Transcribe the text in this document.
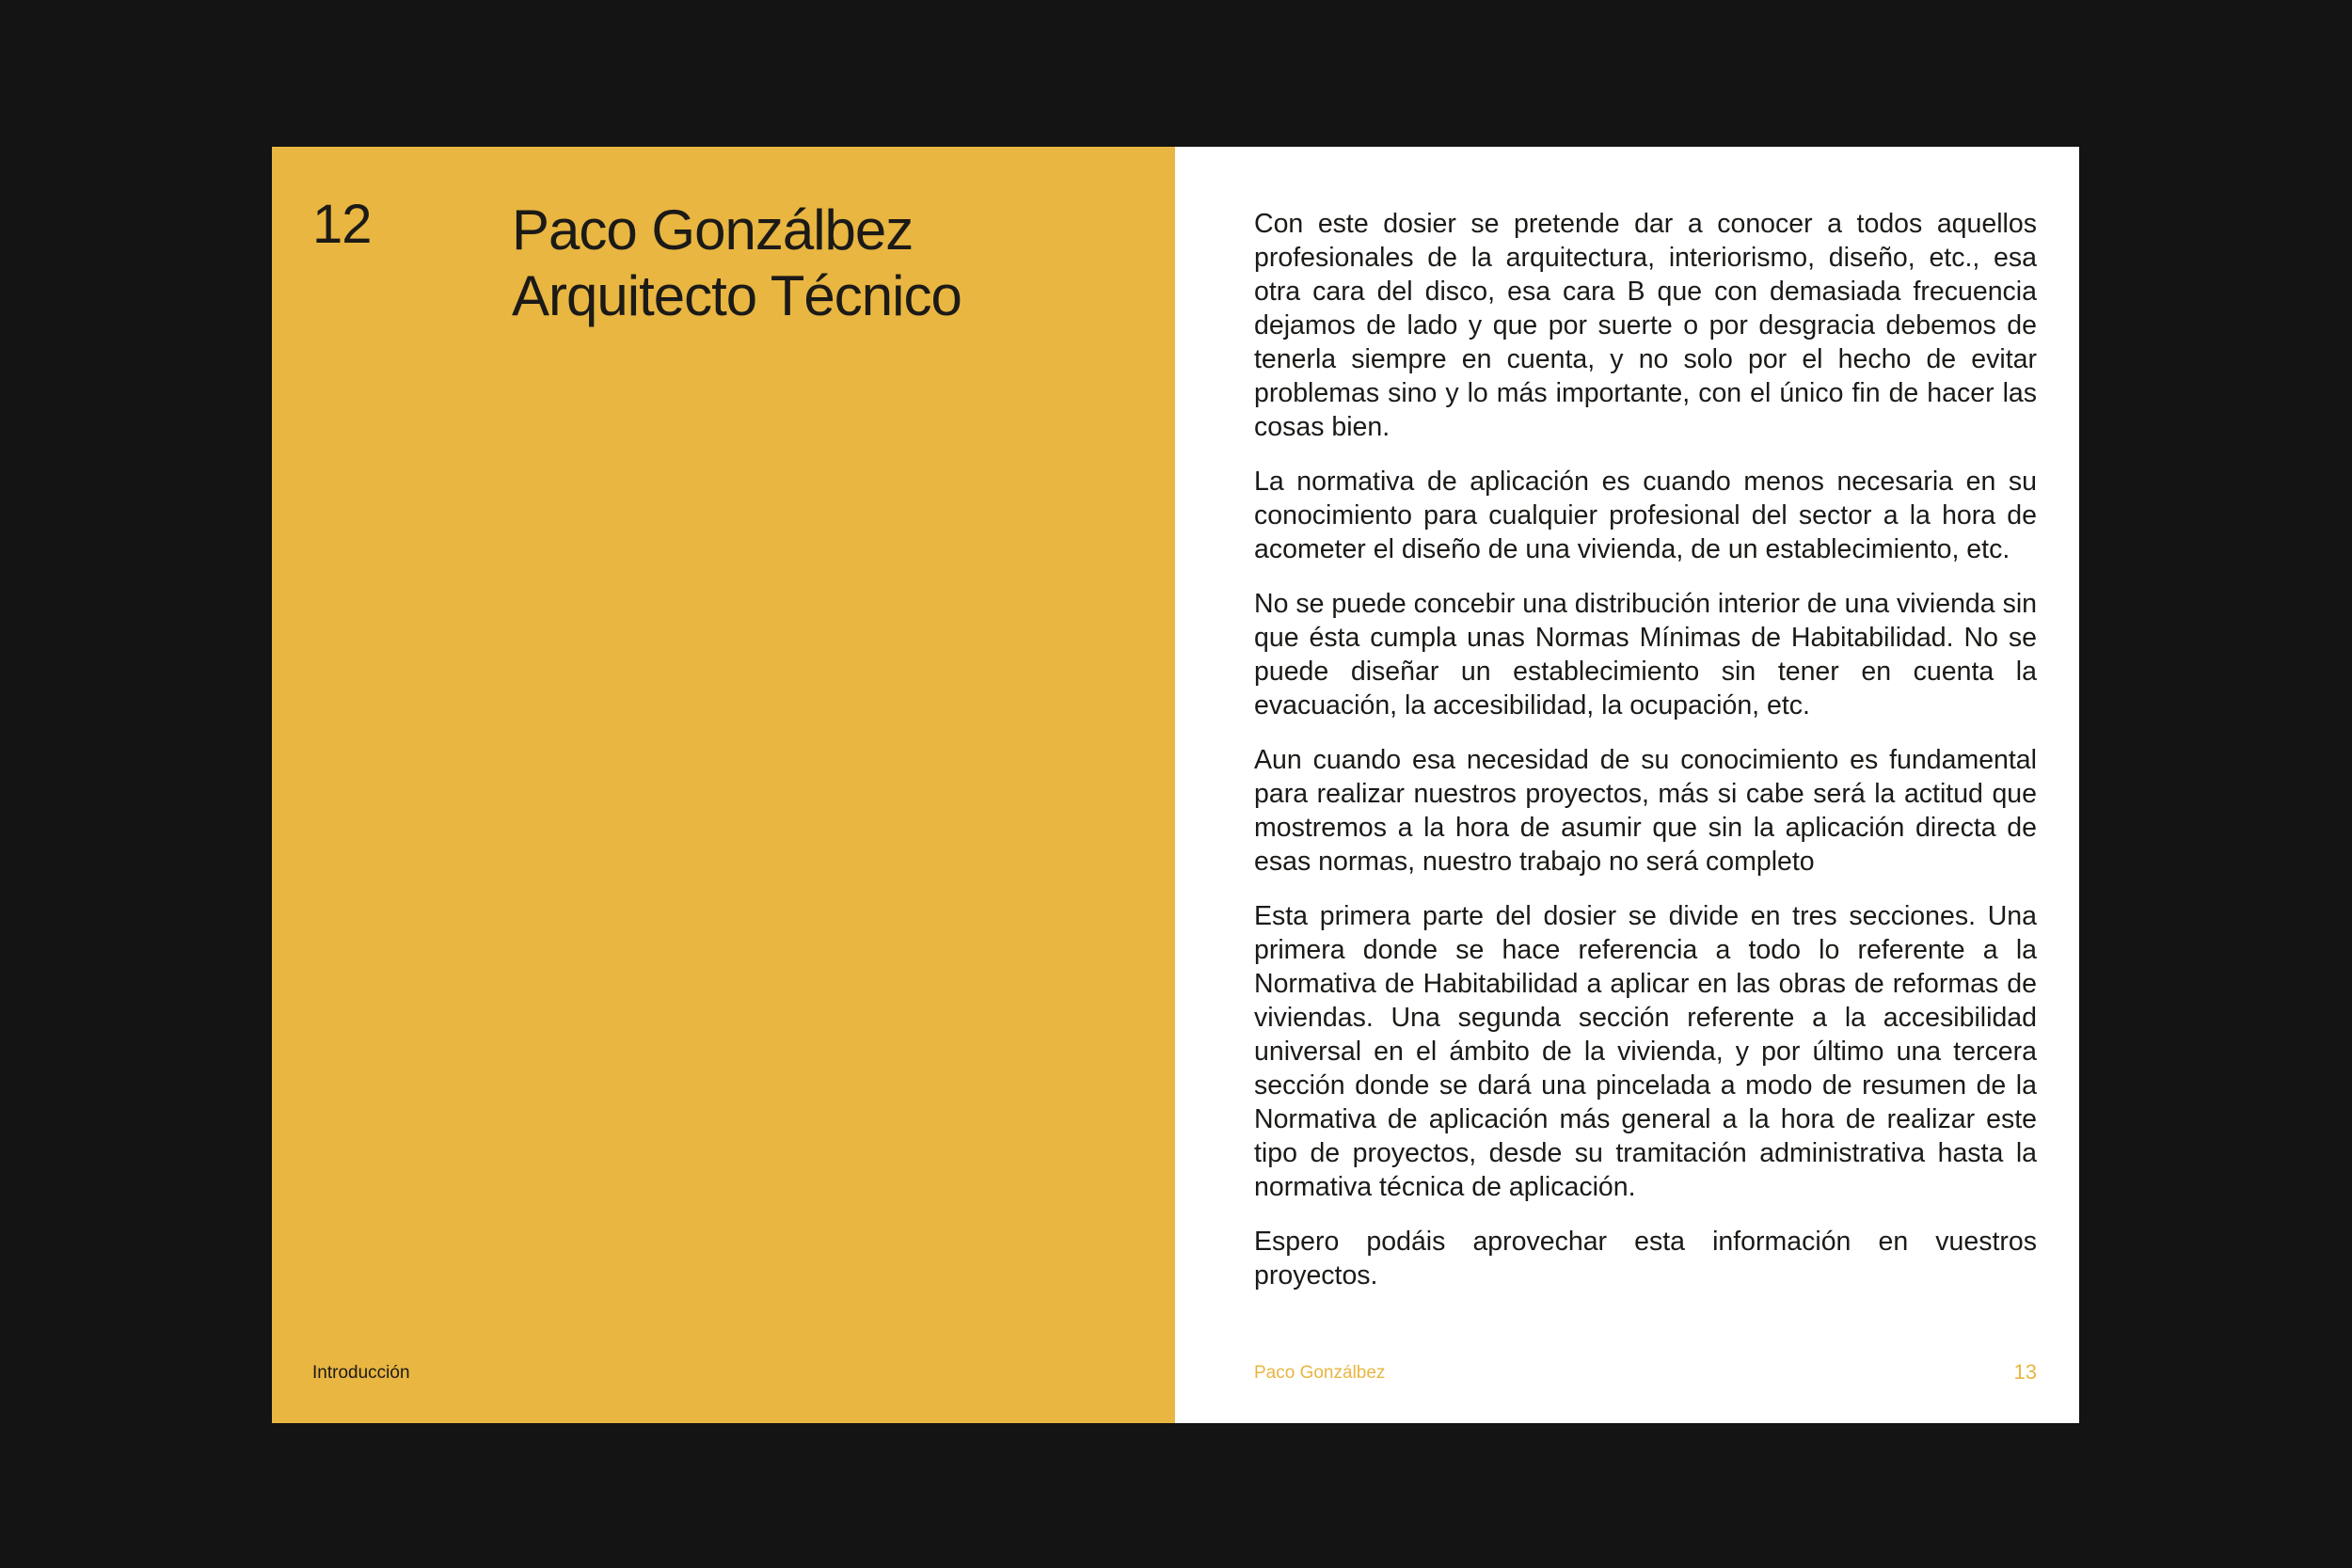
12 Paco Gonzálbez
Arquitecto Técnico
Introducción

Con este dosier se pretende dar a conocer a todos aquellos profesionales de la arquitectura, interiorismo, diseño, etc., esa otra cara del disco, esa cara B que con demasiada frecuencia dejamos de lado y que por suerte o por desgracia debemos de tenerla siempre en cuenta, y no solo por el hecho de evitar problemas sino y lo más importante, con el único fin de hacer las cosas bien.

La normativa de aplicación es cuando menos necesaria en su conocimiento para cualquier profesional del sector a la hora de acometer el diseño de una vivienda, de un establecimiento, etc.

No se puede concebir una distribución interior de una vivienda sin que ésta cumpla unas Normas Mínimas de Habitabilidad. No se puede diseñar un establecimiento sin tener en cuenta la evacuación, la accesibilidad, la ocupación, etc.

Aun cuando esa necesidad de su conocimiento es fundamental para realizar nuestros proyectos, más si cabe será la actitud que mostremos a la hora de asumir que sin la aplicación directa de esas normas, nuestro trabajo no será completo

Esta primera parte del dosier se divide en tres secciones. Una primera donde se hace referencia a todo lo referente a la Normativa de Habitabilidad a aplicar en las obras de reformas de viviendas. Una segunda sección referente a la accesibilidad universal en el ámbito de la vivienda, y por último una tercera sección donde se dará una pincelada a modo de resumen de la Normativa de aplicación más general a la hora de realizar este tipo de proyectos, desde su tramitación administrativa hasta la normativa técnica de aplicación.

Espero podáis aprovechar esta información en vuestros proyectos.

Paco Gonzálbez	13
